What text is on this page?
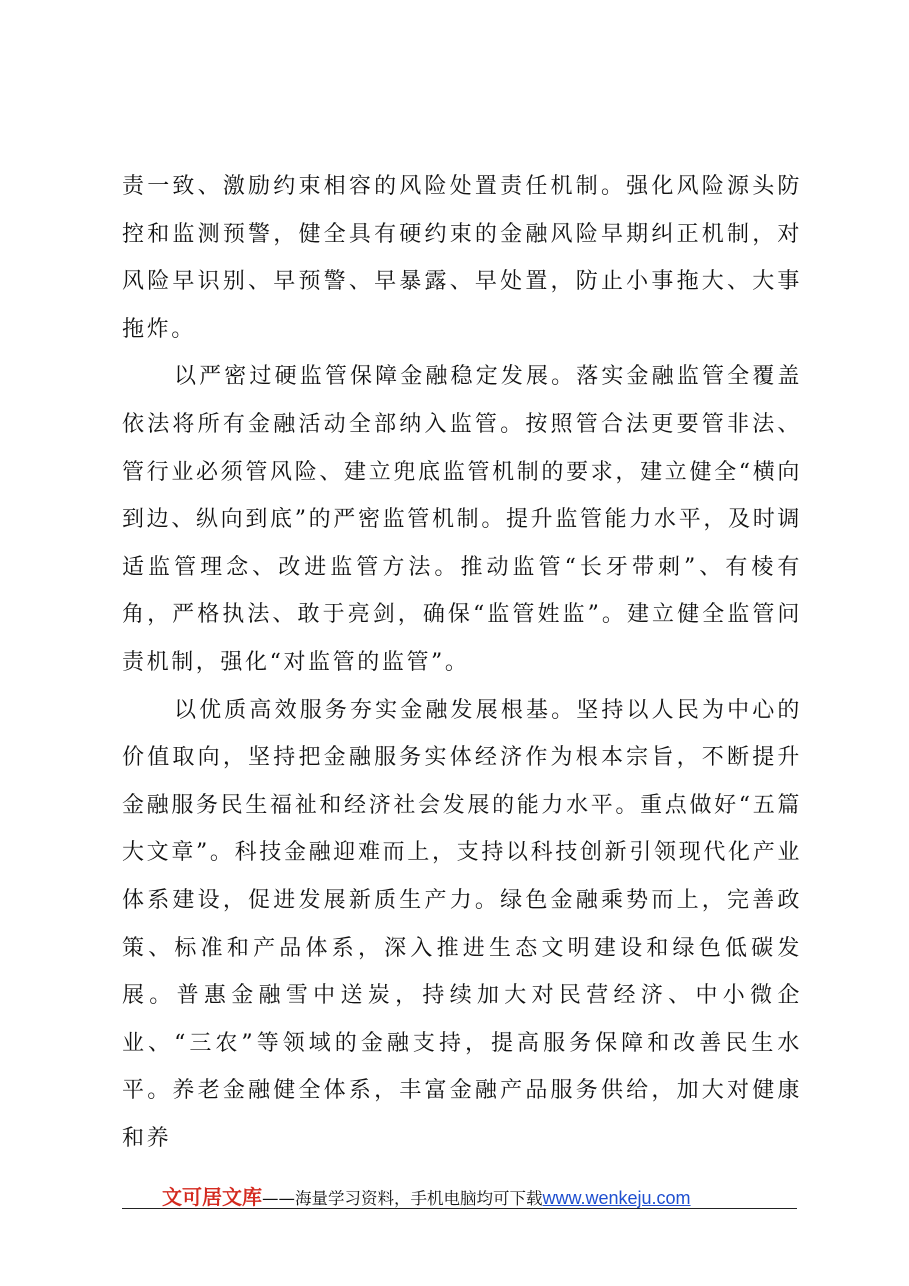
责一致、激励约束相容的风险处置责任机制。强化风险源头防控和监测预警，健全具有硬约束的金融风险早期纠正机制，对风险早识别、早预警、早暴露、早处置，防止小事拖大、大事拖炸。

以严密过硬监管保障金融稳定发展。落实金融监管全覆盖依法将所有金融活动全部纳入监管。按照管合法更要管非法、管行业必须管风险、建立兜底监管机制的要求，建立健全“横向到边、纵向到底”的严密监管机制。提升监管能力水平，及时调适监管理念、改进监管方法。推动监管“长牙带刺”、有棱有角，严格执法、敢于亮剑，确保“监管姓监”。建立健全监管问责机制，强化“对监管的监管”。

以优质高效服务夯实金融发展根基。坚持以人民为中心的价值取向，坚持把金融服务实体经济作为根本宗旨，不断提升金融服务民生福祉和经济社会发展的能力水平。重点做好“五篇大文章”。科技金融迎难而上，支持以科技创新引领现代化产业体系建设，促进发展新质生产力。绿色金融乘势而上，完善政策、标准和产品体系，深入推进生态文明建设和绿色低碳发展。普惠金融雪中送炭，持续加大对民营经济、中小微企业、“三农”等领域的金融支持，提高服务保障和改善民生水平。养老金融健全体系，丰富金融产品服务供给，加大对健康和养

文可居文库 ——海量学习资料，手机电脑均可下载 www.wenkeju.com
